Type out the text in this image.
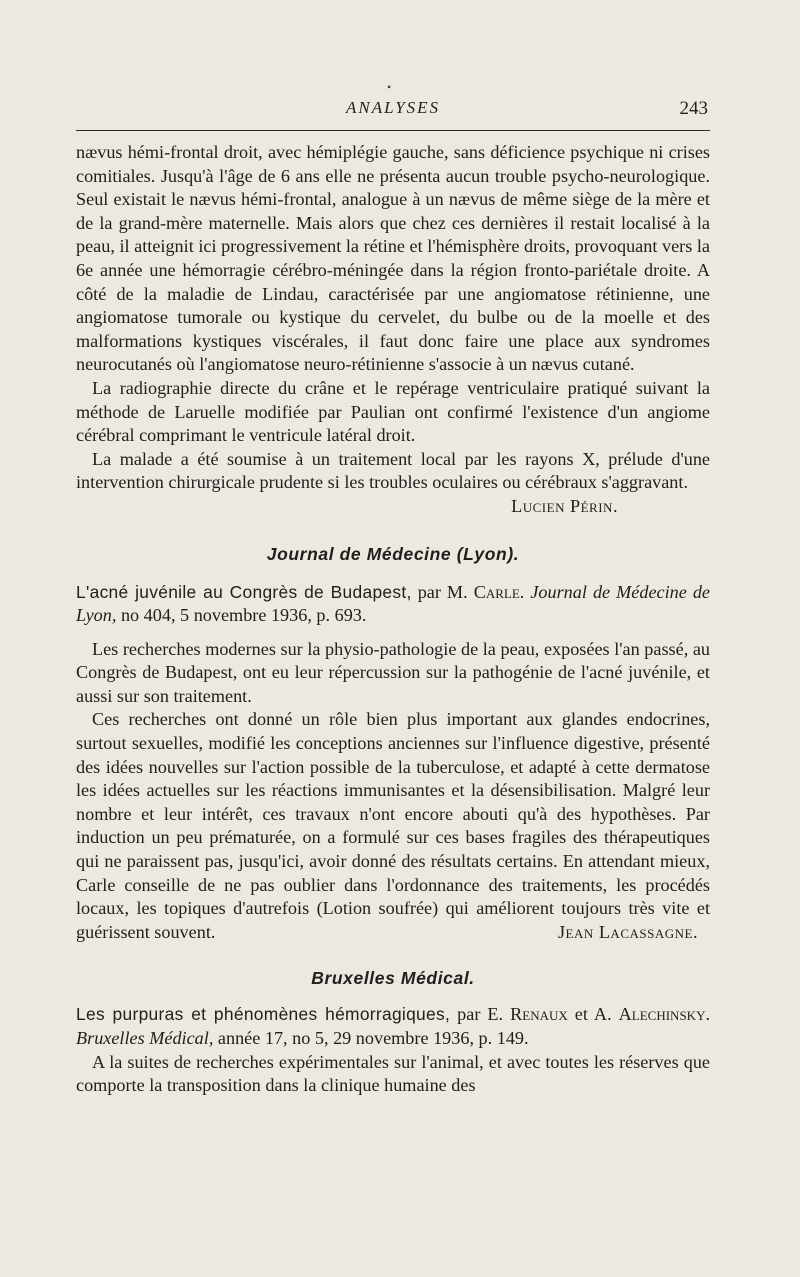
•
ANALYSES	243

nævus hémi-frontal droit, avec hémiplégie gauche, sans déficience psychique ni crises comitiales. Jusqu'à l'âge de 6 ans elle ne présenta aucun trouble psycho-neurologique. Seul existait le nævus hémi-frontal, analogue à un nævus de même siège de la mère et de la grand-mère maternelle. Mais alors que chez ces dernières il restait localisé à la peau, il atteignit ici progressivement la rétine et l'hémisphère droits, provoquant vers la 6e année une hémorragie cérébro-méningée dans la région fronto-pariétale droite. A côté de la maladie de Lindau, caractérisée par une angiomatose rétinienne, une angiomatose tumorale ou kystique du cervelet, du bulbe ou de la moelle et des malformations kystiques viscérales, il faut donc faire une place aux syndromes neurocutanés où l'angiomatose neuro-rétinienne s'associe à un nævus cutané.

La radiographie directe du crâne et le repérage ventriculaire pratiqué suivant la méthode de Laruelle modifiée par Paulian ont confirmé l'existence d'un angiome cérébral comprimant le ventricule latéral droit.

La malade a été soumise à un traitement local par les rayons X, prélude d'une intervention chirurgicale prudente si les troubles oculaires ou cérébraux s'aggravant.
Lucien Périn.

Journal de Médecine (Lyon).

L'acné juvénile au Congrès de Budapest, par M. Carle. Journal de Médecine de Lyon, no 404, 5 novembre 1936, p. 693.

Les recherches modernes sur la physio-pathologie de la peau, exposées l'an passé, au Congrès de Budapest, ont eu leur répercussion sur la pathogénie de l'acné juvénile, et aussi sur son traitement.

Ces recherches ont donné un rôle bien plus important aux glandes endocrines, surtout sexuelles, modifié les conceptions anciennes sur l'influence digestive, présenté des idées nouvelles sur l'action possible de la tuberculose, et adapté à cette dermatose les idées actuelles sur les réactions immunisantes et la désensibilisation. Malgré leur nombre et leur intérêt, ces travaux n'ont encore abouti qu'à des hypothèses. Par induction un peu prématurée, on a formulé sur ces bases fragiles des thérapeutiques qui ne paraissent pas, jusqu'ici, avoir donné des résultats certains. En attendant mieux, Carle conseille de ne pas oublier dans l'ordonnance des traitements, les procédés locaux, les topiques d'autrefois (Lotion soufrée) qui améliorent toujours très vite et guérissent souvent.	Jean Lacassagne.

Bruxelles Médical.

Les purpuras et phénomènes hémorragiques, par E. Renaux et A. Alechinsky. Bruxelles Médical, année 17, no 5, 29 novembre 1936, p. 149.

A la suites de recherches expérimentales sur l'animal, et avec toutes les réserves que comporte la transposition dans la clinique humaine des
